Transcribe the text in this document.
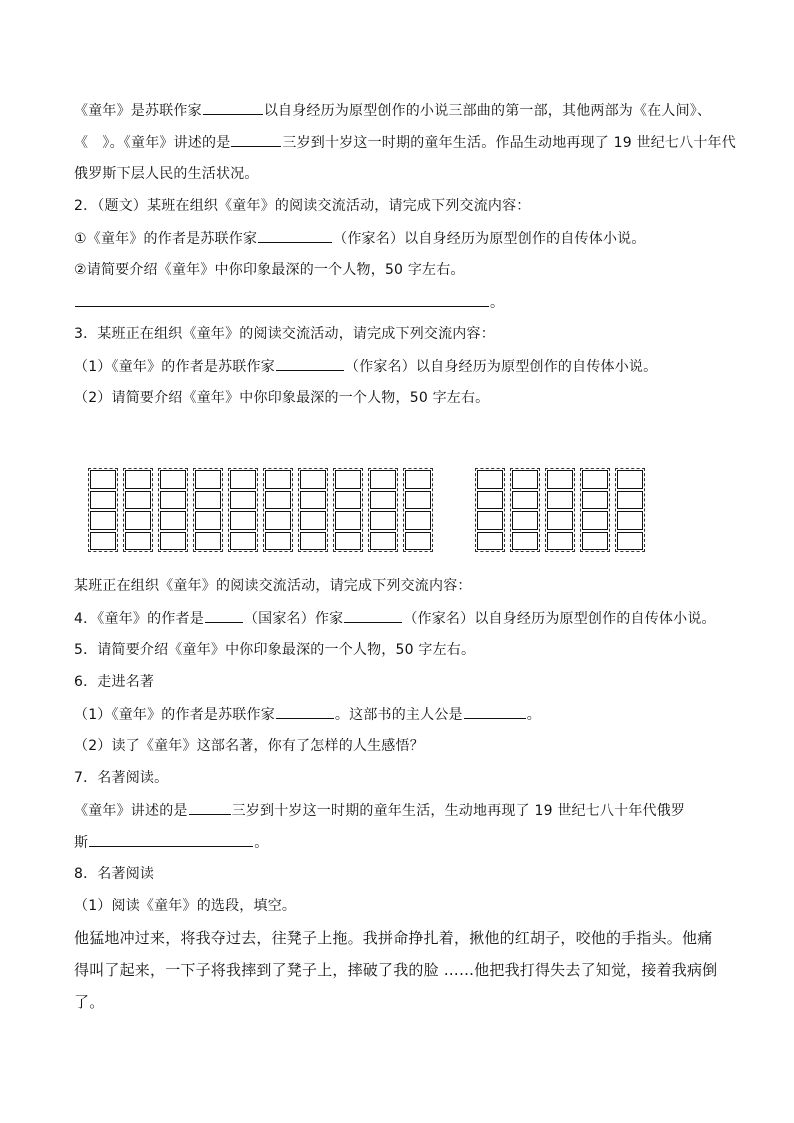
《童年》是苏联作家	以自身经历为原型创作的小说三部曲的第一部，其他两部为《在人间》、
《　》。《童年》讲述的是	三岁到十岁这一时期的童年生活。作品生动地再现了 19 世纪七八十年代
俄罗斯下层人民的生活状况。
2．（题文）某班在组织《童年》的阅读交流活动，请完成下列交流内容：
①《童年》的作者是苏联作家	（作家名）以自身经历为原型创作的自传体小说。
②请简要介绍《童年》中你印象最深的一个人物，50 字左右。
。
3．某班正在组织《童年》的阅读交流活动，请完成下列交流内容：
（1）《童年》的作者是苏联作家	（作家名）以自身经历为原型创作的自传体小说。
（2）请简要介绍《童年》中你印象最深的一个人物，50 字左右。
某班正在组织《童年》的阅读交流活动，请完成下列交流内容：
4．《童年》的作者是	（国家名）作家	（作家名）以自身经历为原型创作的自传体小说。
5．请简要介绍《童年》中你印象最深的一个人物，50 字左右。
6．走进名著
（1）《童年》的作者是苏联作家	。这部书的主人公是	。
（2）读了《童年》这部名著，你有了怎样的人生感悟？
7．名著阅读。
《童年》讲述的是	三岁到十岁这一时期的童年生活，生动地再现了 19 世纪七八十年代俄罗
斯	。
8．名著阅读
（1）阅读《童年》的选段，填空。
他猛地冲过来，将我夺过去，往凳子上拖。我拼命挣扎着，揪他的红胡子，咬他的手指头。他痛
得叫了起来，一下子将我摔到了凳子上，摔破了我的脸 ……他把我打得失去了知觉，接着我病倒
了。
